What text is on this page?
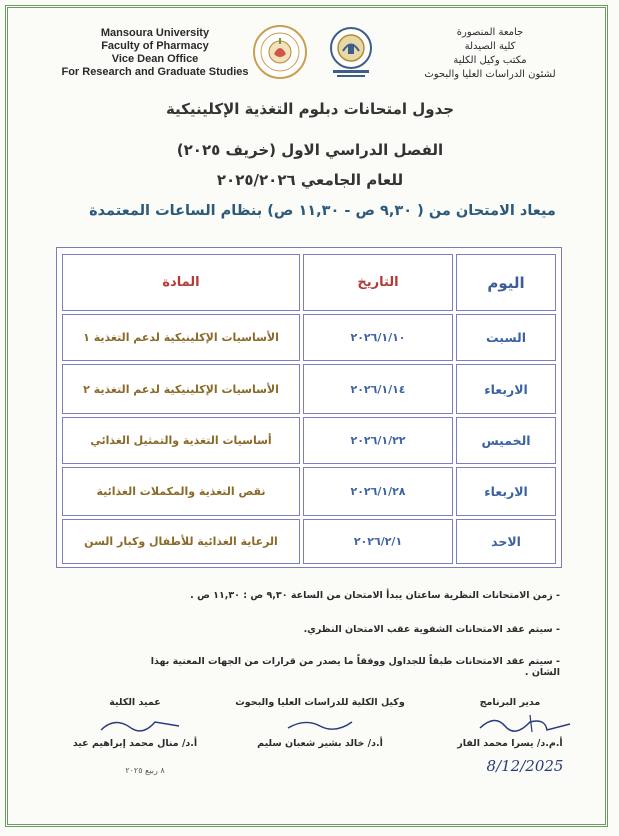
Mansoura University
Faculty of Pharmacy
Vice Dean Office
For Research and Graduate Studies
جامعة المنصورة
كلية الصيدلة
مكتب وكيل الكلية
لشئون الدراسات العليا والبحوث
جدول امتحانات دبلوم التغذية الإكلينيكية
الفصل الدراسي الاول (خريف ٢٠٢٥)
للعام الجامعي ٢٠٢٥/٢٠٢٦
ميعاد الامتحان من ( ٩,٣٠ ص - ١١,٣٠ ص) بنظام الساعات المعتمدة
اليوم
التاريخ
المادة
السبت
٢٠٢٦/١/١٠
الأساسيات الإكلينيكية لدعم التغذية ١
الاربعاء
٢٠٢٦/١/١٤
الأساسيات الإكلينيكية لدعم التغذية ٢
الخميس
٢٠٢٦/١/٢٢
أساسيات التغذية والتمثيل الغذائي
الاربعاء
٢٠٢٦/١/٢٨
نقص التغذية والمكملات الغذائية
الاحد
٢٠٢٦/٢/١
الرعاية الغذائية للأطفال وكبار السن
- زمن الامتحانات النظرية ساعتان يبدأ الامتحان من الساعة ٩,٣٠ ص : ١١,٣٠ ص .
- سيتم عقد الامتحانات الشفوية عقب الامتحان النظري.
- سيتم عقد الامتحانات طبقاً للجداول ووفقاً ما يصدر من قرارات من الجهات المعنية بهذا الشان .
مدير البرنامج
وكيل الكلية للدراسات العليا والبحوث
عميد الكلية
أ.م.د/ يسرا محمد الفار
أ.د/ خالد بشير شعبان سليم
أ.د/ منال محمد إبراهيم عيد
8/12/2025
٨ ربيع ٢٠٢٥
